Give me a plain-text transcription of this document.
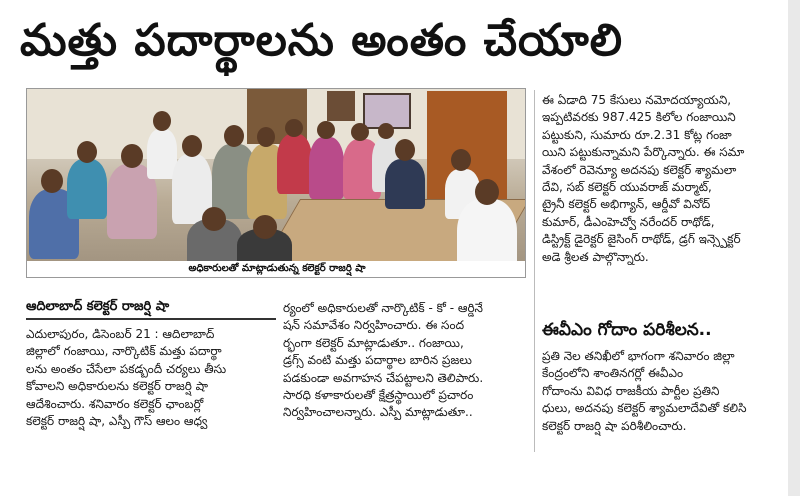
మత్తు పదార్థాలను అంతం చేయాలి
అధికారులతో మాట్లాడుతున్న కలెక్టర్ రాజర్షి షా
ఆదిలాబాద్ కలెక్టర్ రాజర్షి షా

ఎదులాపురం, డిసెంబర్ 21 : ఆదిలాబాద్

జిల్లాలో గంజాయి, నార్కొటిక్ మత్తు పదార్థా

లను అంతం చేసేలా పకడ్బందీ చర్యలు తీసు

కోవాలని అధికారులను కలెక్టర్ రాజర్షి షా

ఆదేశించారు. శనివారం కలెక్టర్ ఛాంబర్లో

కలెక్టర్ రాజర్షి షా, ఎస్పీ గౌస్ ఆలం ఆధ్వ

ర్యంలో అధికారులతో నార్కొటిక్ - కో - ఆర్డినే

షన్ సమావేశం నిర్వహించారు. ఈ సంద

ర్భంగా కలెక్టర్ మాట్లాడుతూ.. గంజాయి,

డ్రగ్స్ వంటి మత్తు పదార్థాల బారిన ప్రజలు

పడకుండా అవగాహన చేపట్టాలని తెలిపారు.

సారధి కళాకారులతో క్షేత్రస్థాయిలో ప్రచారం

నిర్వహించాలన్నారు. ఎస్పీ మాట్లాడుతూ..

ఈ ఏడాది 75 కేసులు నమోదయ్యాయని,

ఇప్పటివరకు 987.425 కిలోల గంజాయిని

పట్టుకుని, సుమారు రూ.2.31 కోట్ల గంజా

యిని పట్టుకున్నామని పేర్కొన్నారు. ఈ సమా

వేశంలో రెవెన్యూ అదనపు కలెక్టర్ శ్యామలా

దేవి, సబ్ కలెక్టర్ యువరాజ్ మర్మాట్,

ట్రైనీ కలెక్టర్ అభిగ్యాన్, ఆర్డీవో వినోద్

కుమార్, డీఎంహెచ్వో నరేందర్ రాథోడ్,

డిస్ట్రిక్ట్ డైరెక్టర్ జైసింగ్ రాథోడ్, డ్రగ్ ఇన్స్పెక్టర్

అడె శ్రీలత పాల్గొన్నారు.

ఈవీఎం గోదాం పరిశీలన..

ప్రతి నెల తనిఖీలో భాగంగా శనివారం జిల్లా

కేంద్రంలోని శాంతినగర్లో ఈవీఎం

గోదాంను వివిధ రాజకీయ పార్టీల ప్రతిని

ధులు, అదనపు కలెక్టర్ శ్యామలాదేవితో కలిసి

కలెక్టర్ రాజర్షి షా పరిశీలించారు.
